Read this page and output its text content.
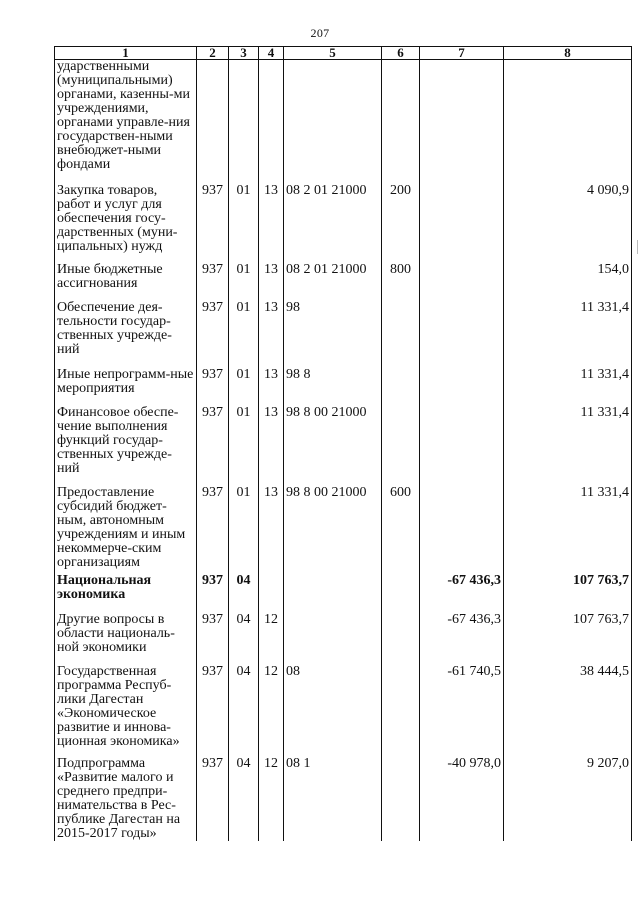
207
1	2	3	4	5	6	7	8
ударственными (муниципальными) органами, казенны-ми учреждениями, органами управле-ния государствен-ными внебюджет-ными фондами							
Закупка товаров, работ и услуг для обеспечения госу-дарственных (муни-ципальных) нужд	937	01	13	08 2 01 21000	200		4 090,9
Иные бюджетные ассигнования	937	01	13	08 2 01 21000	800		154,0
Обеспечение дея-тельности государ-ственных учрежде-ний	937	01	13	98			11 331,4
Иные непрограмм-ные мероприятия	937	01	13	98 8			11 331,4
Финансовое обеспе-чение выполнения функций государ-ственных учрежде-ний	937	01	13	98 8 00 21000			11 331,4
Предоставление субсидий бюджет-ным, автономным учреждениям и иным некоммерче-ским организациям	937	01	13	98 8 00 21000	600		11 331,4
Национальная экономика	937	04				-67 436,3	107 763,7
Другие вопросы в области националь-ной экономики	937	04	12			-67 436,3	107 763,7
Государственная программа Респуб-лики Дагестан «Экономическое развитие и иннова-ционная экономика»	937	04	12	08		-61 740,5	38 444,5
Подпрограмма «Развитие малого и среднего предпри-нимательства в Рес-публике Дагестан на 2015-2017 годы»	937	04	12	08 1		-40 978,0	9 207,0
